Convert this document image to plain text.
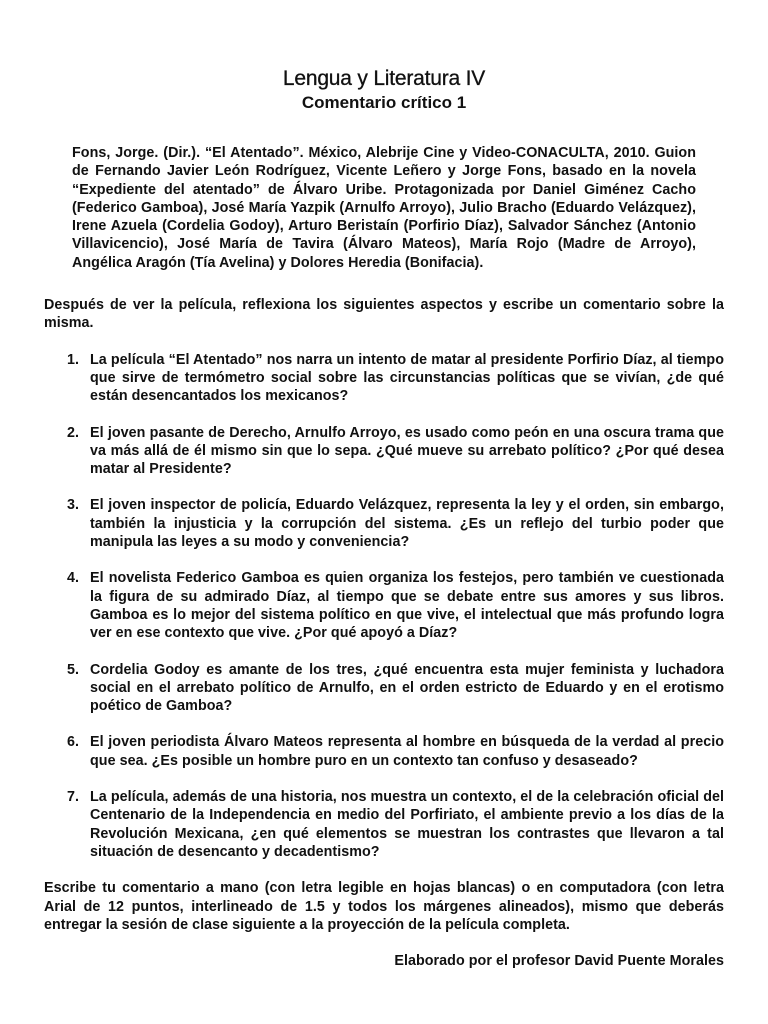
Lengua y Literatura IV
Comentario crítico 1

Fons, Jorge. (Dir.). “El Atentado”. México, Alebrije Cine y Video-CONACULTA, 2010. Guion de Fernando Javier León Rodríguez, Vicente Leñero y Jorge Fons, basado en la novela “Expediente del atentado” de Álvaro Uribe. Protagonizada por Daniel Giménez Cacho (Federico Gamboa), José María Yazpik (Arnulfo Arroyo), Julio Bracho (Eduardo Velázquez), Irene Azuela (Cordelia Godoy), Arturo Beristaín (Porfirio Díaz), Salvador Sánchez (Antonio Villavicencio), José María de Tavira (Álvaro Mateos), María Rojo (Madre de Arroyo), Angélica Aragón (Tía Avelina) y Dolores Heredia (Bonifacia).

Después de ver la película, reflexiona los siguientes aspectos y escribe un comentario sobre la misma.

1. La película “El Atentado” nos narra un intento de matar al presidente Porfirio Díaz, al tiempo que sirve de termómetro social sobre las circunstancias políticas que se vivían, ¿de qué están desencantados los mexicanos?
2. El joven pasante de Derecho, Arnulfo Arroyo, es usado como peón en una oscura trama que va más allá de él mismo sin que lo sepa. ¿Qué mueve su arrebato político? ¿Por qué desea matar al Presidente?
3. El joven inspector de policía, Eduardo Velázquez, representa la ley y el orden, sin embargo, también la injusticia y la corrupción del sistema. ¿Es un reflejo del turbio poder que manipula las leyes a su modo y conveniencia?
4. El novelista Federico Gamboa es quien organiza los festejos, pero también ve cuestionada la figura de su admirado Díaz, al tiempo que se debate entre sus amores y sus libros. Gamboa es lo mejor del sistema político en que vive, el intelectual que más profundo logra ver en ese contexto que vive. ¿Por qué apoyó a Díaz?
5. Cordelia Godoy es amante de los tres, ¿qué encuentra esta mujer feminista y luchadora social en el arrebato político de Arnulfo, en el orden estricto de Eduardo y en el erotismo poético de Gamboa?
6. El joven periodista Álvaro Mateos representa al hombre en búsqueda de la verdad al precio que sea. ¿Es posible un hombre puro en un contexto tan confuso y desaseado?
7. La película, además de una historia, nos muestra un contexto, el de la celebración oficial del Centenario de la Independencia en medio del Porfiriato, el ambiente previo a los días de la Revolución Mexicana, ¿en qué elementos se muestran los contrastes que llevaron a tal situación de desencanto y decadentismo?

Escribe tu comentario a mano (con letra legible en hojas blancas) o en computadora (con letra Arial de 12 puntos, interlineado de 1.5 y todos los márgenes alineados), mismo que deberás entregar la sesión de clase siguiente a la proyección de la película completa.

Elaborado por el profesor David Puente Morales
